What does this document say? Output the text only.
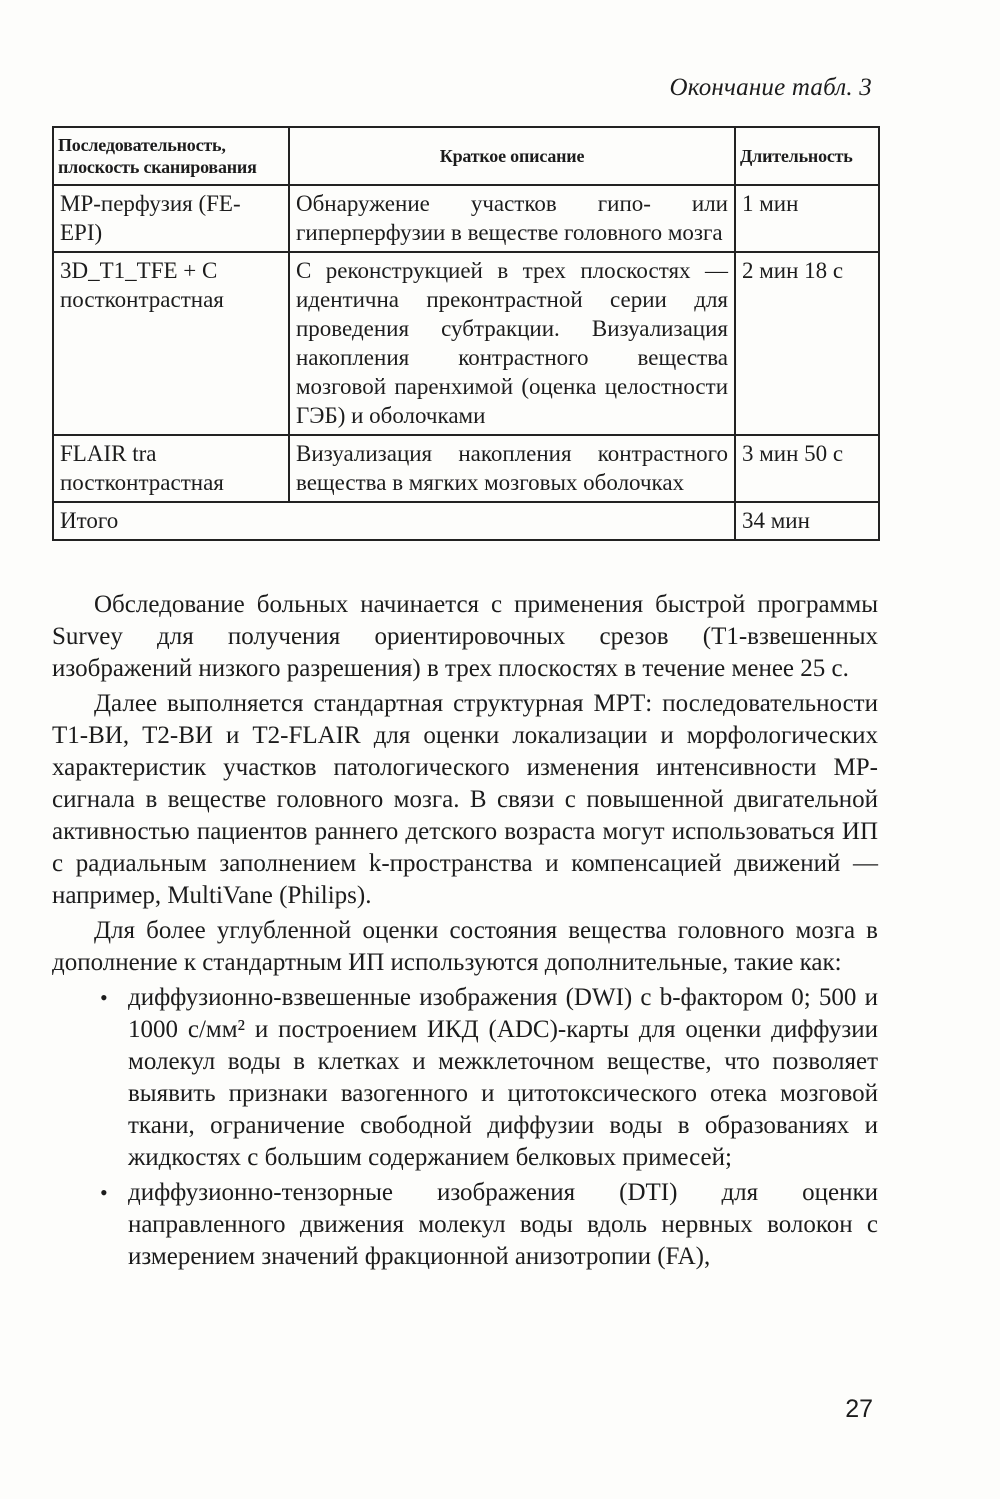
Окончание табл. 3
Последовательность, плоскость сканирования	Краткое описание	Длительность
МР-перфузия (FE-EPI)	Обнаружение участков гипо- или гиперперфузии в веществе головного мозга	1 мин
3D_T1_TFE + C постконтрастная	С реконструкцией в трех плоскостях — идентична преконтрастной серии для проведения субтракции. Визуализация накопления контрастного вещества мозговой паренхимой (оценка целостности ГЭБ) и оболочками	2 мин 18 с
FLAIR tra постконтрастная	Визуализация накопления контрастного вещества в мягких мозговых оболочках	3 мин 50 с
Итого		34 мин

Обследование больных начинается с применения быстрой программы Survey для получения ориентировочных срезов (Т1-взвешенных изображений низкого разрешения) в трех плоскостях в течение менее 25 с.

Далее выполняется стандартная структурная МРТ: последовательности Т1-ВИ, Т2-ВИ и Т2-FLAIR для оценки локализации и морфологических характеристик участков патологического изменения интенсивности МР-сигнала в веществе головного мозга. В связи с повышенной двигательной активностью пациентов раннего детского возраста могут использоваться ИП с радиальным заполнением k-пространства и компенсацией движений — например, MultiVane (Philips).

Для более углубленной оценки состояния вещества головного мозга в дополнение к стандартным ИП используются дополнительные, такие как:

• диффузионно-взвешенные изображения (DWI) с b-фактором 0; 500 и 1000 с/мм² и построением ИКД (ADC)-карты для оценки диффузии молекул воды в клетках и межклеточном веществе, что позволяет выявить признаки вазогенного и цитотоксического отека мозговой ткани, ограничение свободной диффузии воды в образованиях и жидкостях с большим содержанием белковых примесей;
• диффузионно-тензорные изображения (DTI) для оценки направленного движения молекул воды вдоль нервных волокон с измерением значений фракционной анизотропии (FA),
27
